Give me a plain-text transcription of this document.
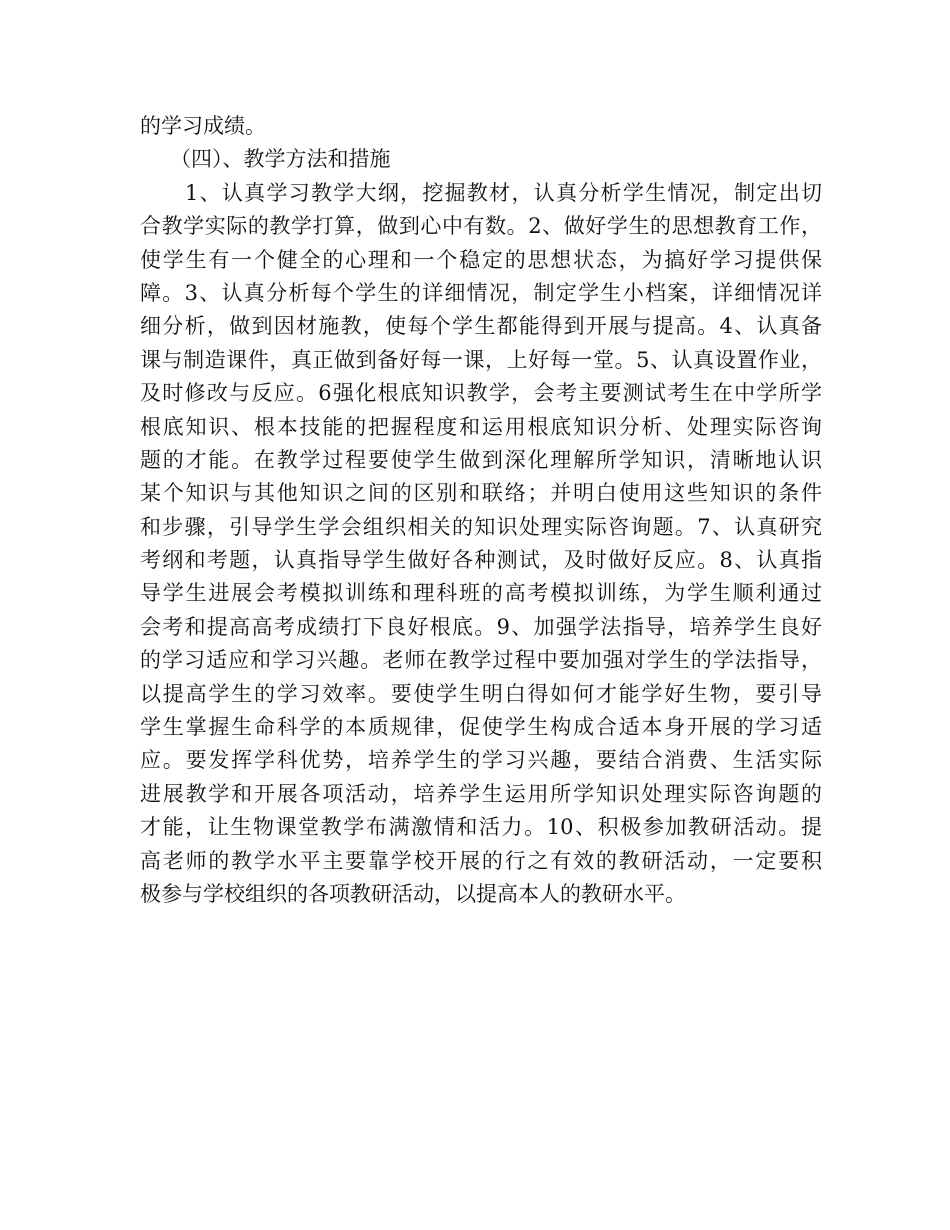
的学习成绩。
（四）、教学方法和措施
1、认真学习教学大纲，挖掘教材，认真分析学生情况，制定出切
合教学实际的教学打算，做到心中有数。2、做好学生的思想教育工作，
使学生有一个健全的心理和一个稳定的思想状态，为搞好学习提供保
障。3、认真分析每个学生的详细情况，制定学生小档案，详细情况详
细分析，做到因材施教，使每个学生都能得到开展与提高。4、认真备
课与制造课件，真正做到备好每一课，上好每一堂。5、认真设置作业，
及时修改与反应。6强化根底知识教学，会考主要测试考生在中学所学
根底知识、根本技能的把握程度和运用根底知识分析、处理实际咨询
题的才能。在教学过程要使学生做到深化理解所学知识，清晰地认识
某个知识与其他知识之间的区别和联络；并明白使用这些知识的条件
和步骤，引导学生学会组织相关的知识处理实际咨询题。7、认真研究
考纲和考题，认真指导学生做好各种测试，及时做好反应。8、认真指
导学生进展会考模拟训练和理科班的高考模拟训练，为学生顺利通过
会考和提高高考成绩打下良好根底。9、加强学法指导，培养学生良好
的学习适应和学习兴趣。老师在教学过程中要加强对学生的学法指导，
以提高学生的学习效率。要使学生明白得如何才能学好生物，要引导
学生掌握生命科学的本质规律，促使学生构成合适本身开展的学习适
应。要发挥学科优势，培养学生的学习兴趣，要结合消费、生活实际
进展教学和开展各项活动，培养学生运用所学知识处理实际咨询题的
才能，让生物课堂教学布满激情和活力。10、积极参加教研活动。提
高老师的教学水平主要靠学校开展的行之有效的教研活动，一定要积
极参与学校组织的各项教研活动，以提高本人的教研水平。
